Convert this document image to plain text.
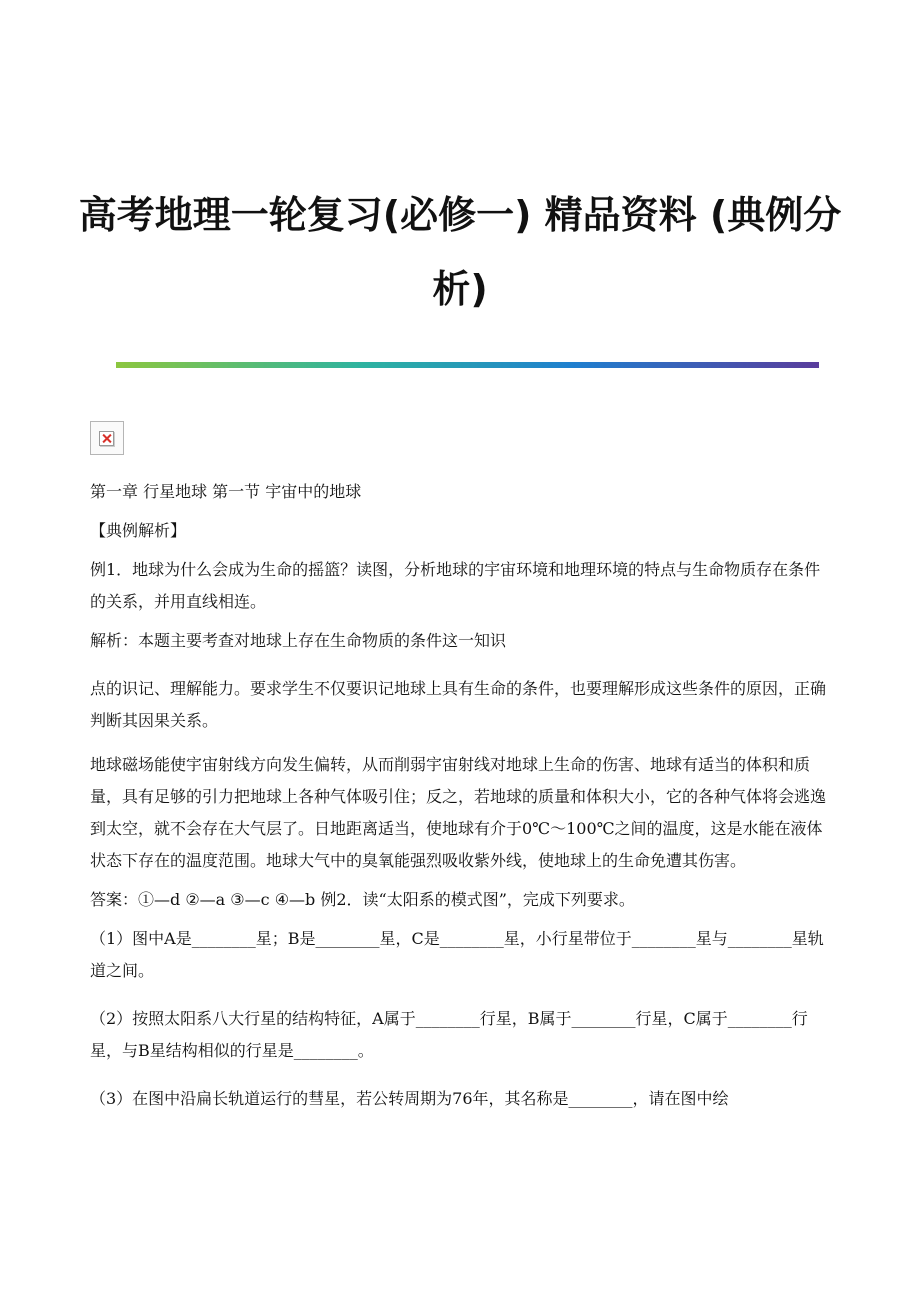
高考地理一轮复习(必修一) 精品资料 (典例分析)

第一章 行星地球 第一节 宇宙中的地球

【典例解析】

例1．地球为什么会成为生命的摇篮？读图，分析地球的宇宙环境和地理环境的特点与生命物质存在条件的关系，并用直线相连。

解析：本题主要考查对地球上存在生命物质的条件这一知识

点的识记、理解能力。要求学生不仅要识记地球上具有生命的条件，也要理解形成这些条件的原因，正确判断其因果关系。

地球磁场能使宇宙射线方向发生偏转，从而削弱宇宙射线对地球上生命的伤害、地球有适当的体积和质量，具有足够的引力把地球上各种气体吸引住；反之，若地球的质量和体积大小，它的各种气体将会逃逸到太空，就不会存在大气层了。日地距离适当，使地球有介于0℃～100℃之间的温度，这是水能在液体状态下存在的温度范围。地球大气中的臭氧能强烈吸收紫外线，使地球上的生命免遭其伤害。

答案：①—d ②—a ③—c ④—b 例2．读“太阳系的模式图”，完成下列要求。

（1）图中A是________星；B是________星，C是________星，小行星带位于________星与________星轨道之间。

（2）按照太阳系八大行星的结构特征，A属于________行星，B属于________行星，C属于________行星，与B星结构相似的行星是________。

（3）在图中沿扁长轨道运行的彗星，若公转周期为76年，其名称是________，请在图中绘
